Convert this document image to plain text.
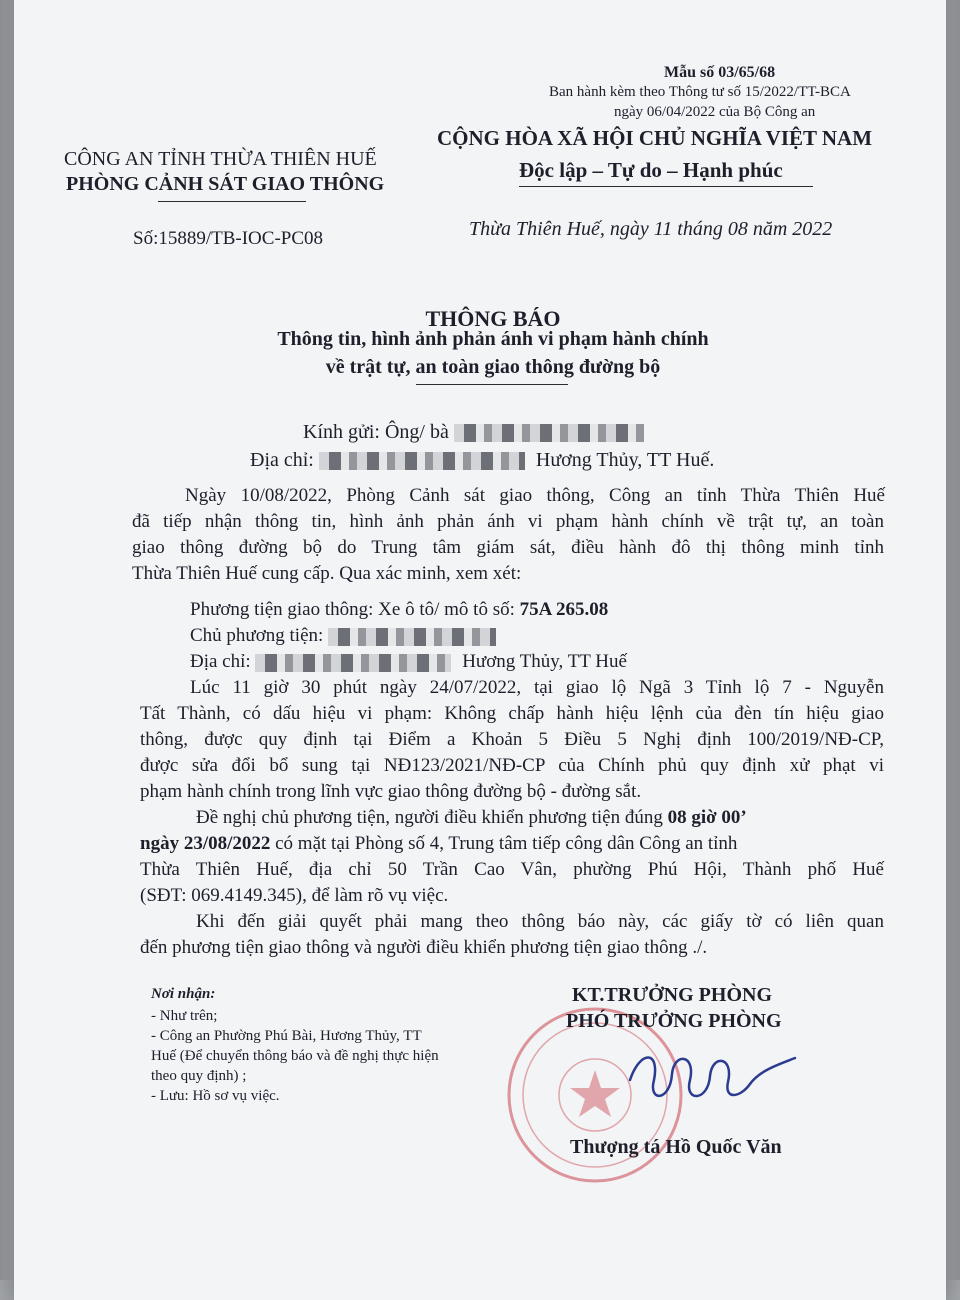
Mẫu số 03/65/68
Ban hành kèm theo Thông tư số 15/2022/TT-BCA
ngày 06/04/2022 của Bộ Công an
CÔNG AN TỈNH THỪA THIÊN HUẾ
PHÒNG CẢNH SÁT GIAO THÔNG
Số:15889/TB-IOC-PC08
CỘNG HÒA XÃ HỘI CHỦ NGHĨA VIỆT NAM
Độc lập – Tự do – Hạnh phúc
Thừa Thiên Huế, ngày 11 tháng 08 năm 2022
THÔNG BÁO
Thông tin, hình ảnh phản ánh vi phạm hành chính
về trật tự, an toàn giao thông đường bộ
Kính gửi: Ông/ bà
Địa chỉ:	Hương Thủy, TT Huế.
Ngày 10/08/2022, Phòng Cảnh sát giao thông, Công an tỉnh Thừa Thiên Huế
đã tiếp nhận thông tin, hình ảnh phản ánh vi phạm hành chính về trật tự, an toàn
giao thông đường bộ do Trung tâm giám sát, điều hành đô thị thông minh tỉnh
Thừa Thiên Huế cung cấp. Qua xác minh, xem xét:
Phương tiện giao thông: Xe ô tô/ mô tô số: 75A 265.08
Chủ phương tiện:
Địa chỉ:	Hương Thủy, TT Huế
Lúc 11 giờ 30 phút ngày 24/07/2022, tại giao lộ Ngã 3 Tỉnh lộ 7 - Nguyễn
Tất Thành, có dấu hiệu vi phạm: Không chấp hành hiệu lệnh của đèn tín hiệu giao
thông, được quy định tại Điểm a Khoản 5 Điều 5 Nghị định 100/2019/NĐ-CP,
được sửa đổi bổ sung tại NĐ123/2021/NĐ-CP của Chính phủ quy định xử phạt vi
phạm hành chính trong lĩnh vực giao thông đường bộ - đường sắt.
Đề nghị chủ phương tiện, người điều khiển phương tiện đúng 08 giờ 00’
ngày 23/08/2022 có mặt tại Phòng số 4, Trung tâm tiếp công dân Công an tỉnh
Thừa Thiên Huế, địa chỉ 50 Trần Cao Vân, phường Phú Hội, Thành phố Huế
(SĐT: 069.4149.345), để làm rõ vụ việc.
Khi đến giải quyết phải mang theo thông báo này, các giấy tờ có liên quan
đến phương tiện giao thông và người điều khiển phương tiện giao thông ./.
Nơi nhận:
- Như trên;
- Công an Phường Phú Bài, Hương Thủy, TT
Huế (Để chuyển thông báo và đề nghị thực hiện
theo quy định) ;
- Lưu: Hồ sơ vụ việc.
KT.TRƯỞNG PHÒNG
PHÓ TRƯỞNG PHÒNG
Thượng tá Hồ Quốc Văn
